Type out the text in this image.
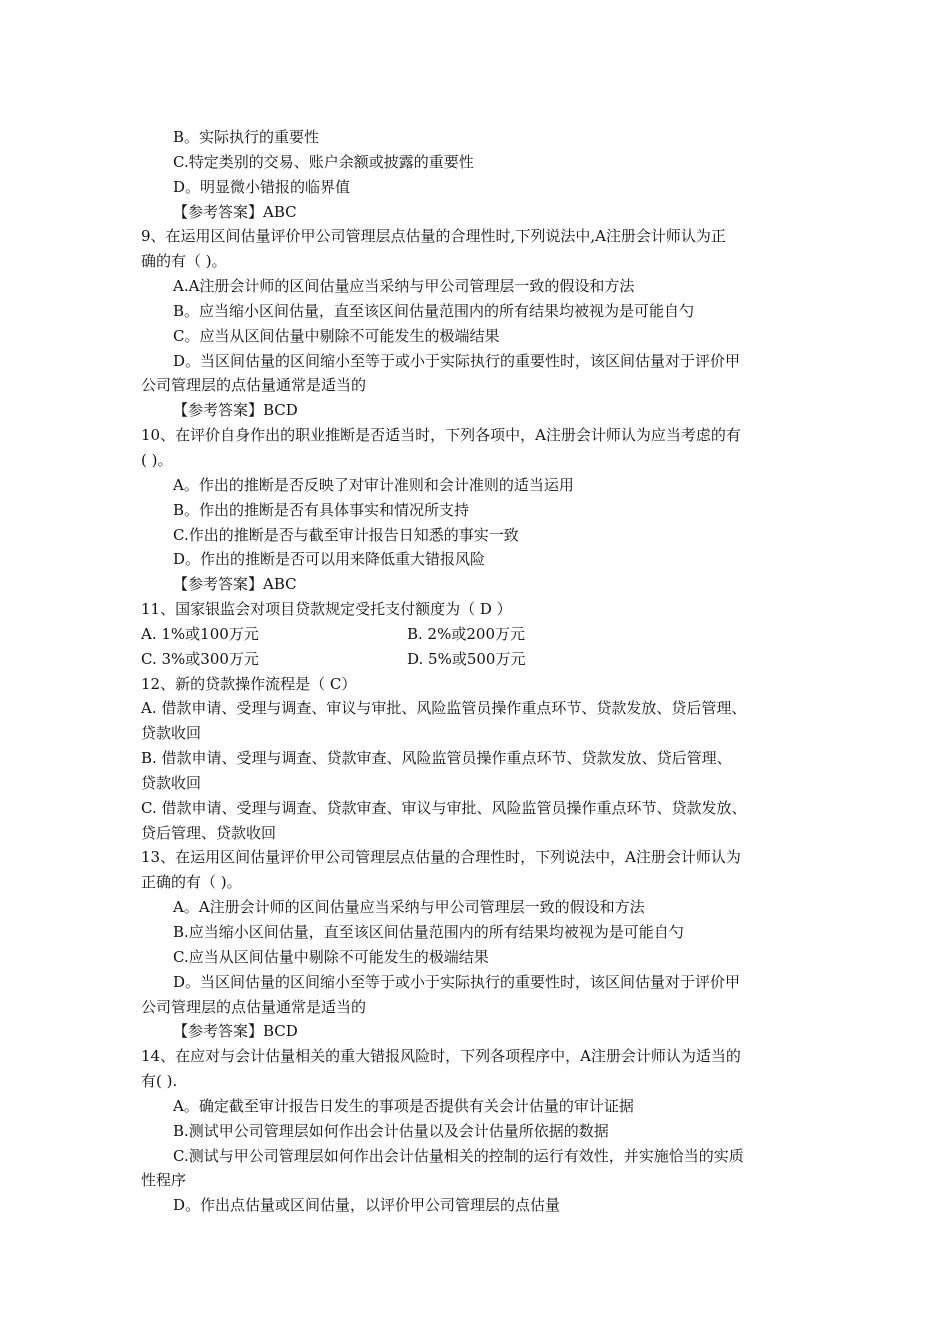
B。实际执行的重要性
C.特定类别的交易、账户余额或披露的重要性
D。明显微小错报的临界值
【参考答案】ABC
9、在运用区间估量评价甲公司管理层点估量的合理性时,下列说法中,A注册会计师认为正
确的有（ )。
A.A注册会计师的区间估量应当采纳与甲公司管理层一致的假设和方法
B。应当缩小区间估量，直至该区间估量范围内的所有结果均被视为是可能自勺
C。应当从区间估量中剔除不可能发生的极端结果
D。当区间估量的区间缩小至等于或小于实际执行的重要性时，该区间估量对于评价甲
公司管理层的点估量通常是适当的
【参考答案】BCD
10、在评价自身作出的职业推断是否适当时，下列各项中，A注册会计师认为应当考虑的有
( )。
A。作出的推断是否反映了对审计准则和会计准则的适当运用
B。作出的推断是否有具体事实和情况所支持
C.作出的推断是否与截至审计报告日知悉的事实一致
D。作出的推断是否可以用来降低重大错报风险
【参考答案】ABC
11、国家银监会对项目贷款规定受托支付额度为（ D ）
A. 1%或100万元	B. 2%或200万元
C. 3%或300万元	D. 5%或500万元
12、新的贷款操作流程是（ C）
A. 借款申请、受理与调查、审议与审批、风险监管员操作重点环节、贷款发放、贷后管理、
贷款收回
B. 借款申请、受理与调查、贷款审查、风险监管员操作重点环节、贷款发放、贷后管理、
贷款收回
C. 借款申请、受理与调查、贷款审查、审议与审批、风险监管员操作重点环节、贷款发放、
贷后管理、贷款收回
13、在运用区间估量评价甲公司管理层点估量的合理性时，下列说法中，A注册会计师认为
正确的有（ )。
A。A注册会计师的区间估量应当采纳与甲公司管理层一致的假设和方法
B.应当缩小区间估量，直至该区间估量范围内的所有结果均被视为是可能自勺
C.应当从区间估量中剔除不可能发生的极端结果
D。当区间估量的区间缩小至等于或小于实际执行的重要性时，该区间估量对于评价甲
公司管理层的点估量通常是适当的
【参考答案】BCD
14、在应对与会计估量相关的重大错报风险时，下列各项程序中，A注册会计师认为适当的
有( ).
A。确定截至审计报告日发生的事项是否提供有关会计估量的审计证据
B.测试甲公司管理层如何作出会计估量以及会计估量所依据的数据
C.测试与甲公司管理层如何作出会计估量相关的控制的运行有效性，并实施恰当的实质
性程序
D。作出点估量或区间估量，以评价甲公司管理层的点估量
